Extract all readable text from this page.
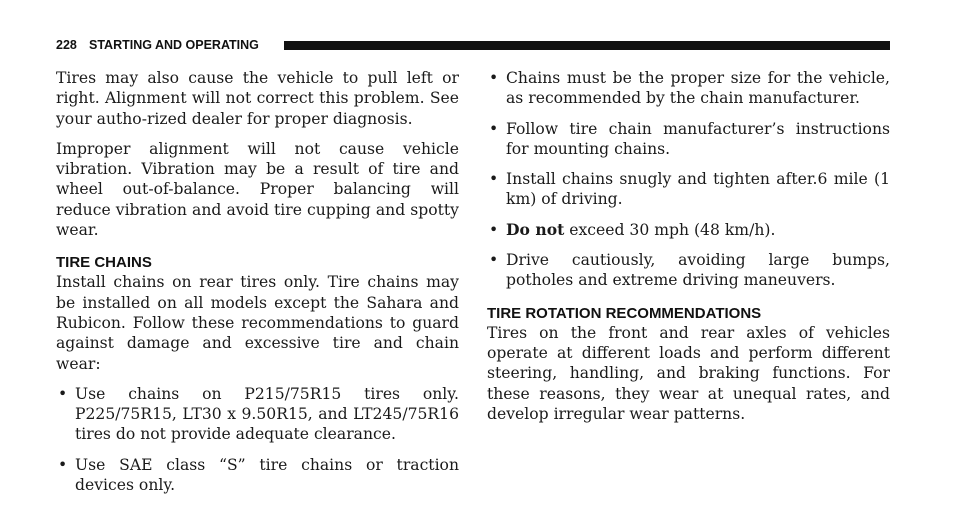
228 STARTING AND OPERATING

Tires may also cause the vehicle to pull left or right. Alignment will not correct this problem. See your autho-rized dealer for proper diagnosis.

Improper alignment will not cause vehicle vibration. Vibration may be a result of tire and wheel out-of-balance. Proper balancing will reduce vibration and avoid tire cupping and spotty wear.

TIRE CHAINS

Install chains on rear tires only. Tire chains may be installed on all models except the Sahara and Rubicon. Follow these recommendations to guard against damage and excessive tire and chain wear:

• Use chains on P215/75R15 tires only. P225/75R15, LT30 x 9.50R15, and LT245/75R16 tires do not provide adequate clearance.
• Use SAE class “S” tire chains or traction devices only.
• Chains must be the proper size for the vehicle, as recommended by the chain manufacturer.
• Follow tire chain manufacturer’s instructions for mounting chains.
• Install chains snugly and tighten after.6 mile (1 km) of driving.
• Do not exceed 30 mph (48 km/h).
• Drive cautiously, avoiding large bumps, potholes and extreme driving maneuvers.
TIRE ROTATION RECOMMENDATIONS

Tires on the front and rear axles of vehicles operate at different loads and perform different steering, handling, and braking functions. For these reasons, they wear at unequal rates, and develop irregular wear patterns.
